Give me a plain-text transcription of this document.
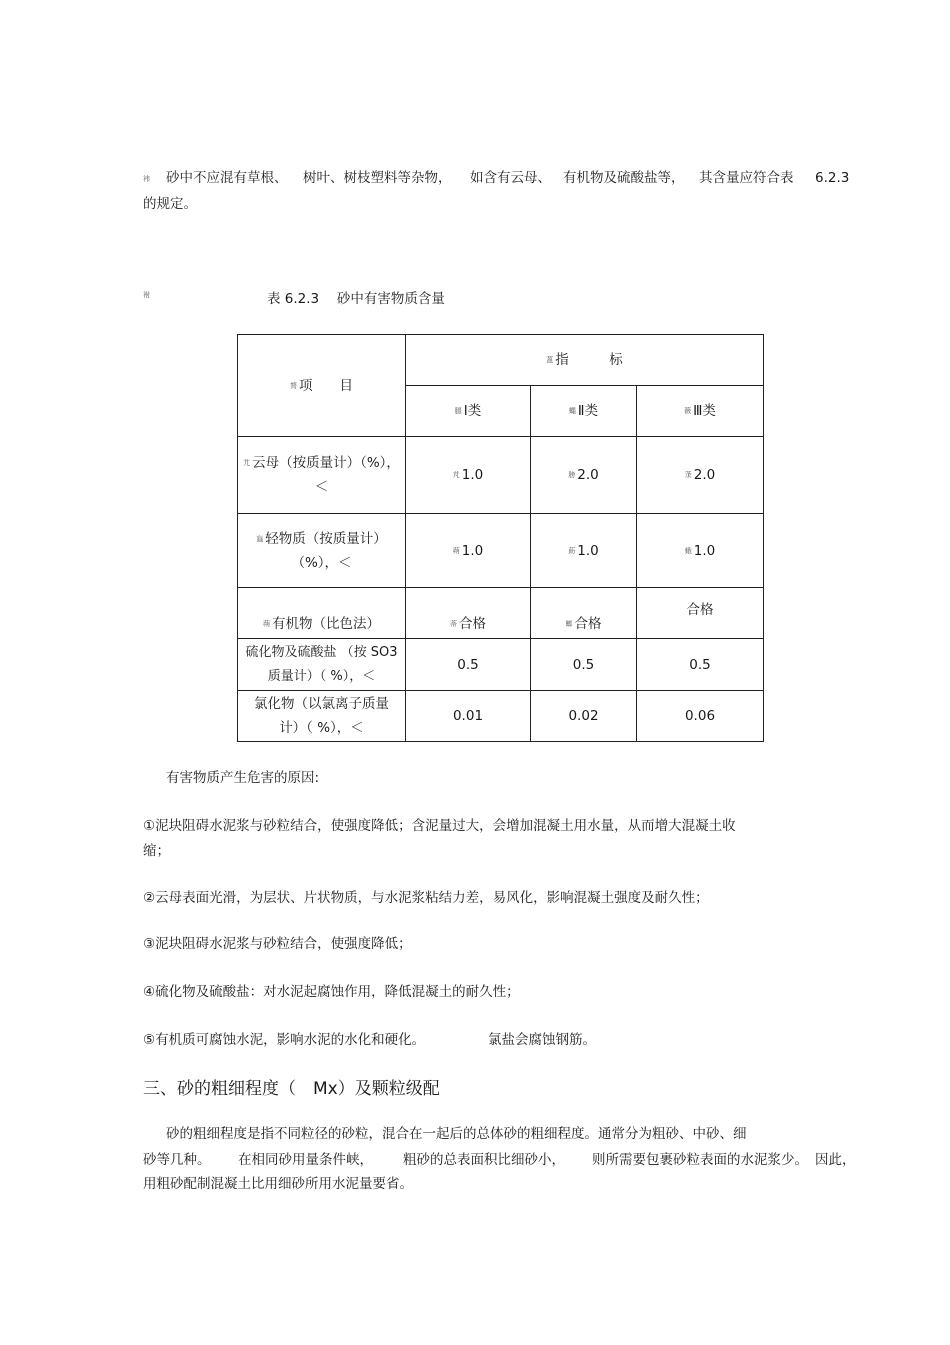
袆 砂中不应混有草根、 树叶、树枝塑料等杂物， 如含有云母、 有机物及硫酸盐等， 其含量应符合表 6.2.3
的规定。
袝	表 6.2.3　 砂中有害物质含量
膂 项　　目	蒕 指　　　标		
	腿 Ⅰ类	蠅 Ⅱ类	薇 Ⅲ类
芁 云母（按质量计）（%），
＜	芃 1.0	膀 2.0	莍 2.0
蝱 轻物质（按质量计）
（%），＜	蒴 1.0	莇 1.0	蛾 1.0
蒴 有机物（比色法）	蒂 合格	螂 合格	合格
硫化物及硫酸盐 （按 SO3
质量计）（ %），＜	0.5	0.5	0.5
氯化物（以氯离子质量
计）（ %），＜	0.01	0.02	0.06
有害物质产生危害的原因:
①泥块阻碍水泥浆与砂粒结合，使强度降低；含泥量过大，会增加混凝土用水量，从而增大混凝土收
缩；
②云母表面光滑，为层状、片状物质，与水泥浆粘结力差，易风化，影响混凝土强度及耐久性；
③泥块阻碍水泥浆与砂粒结合，使强度降低；
④硫化物及硫酸盐：对水泥起腐蚀作用，降低混凝土的耐久性；
⑤有机质可腐蚀水泥，影响水泥的水化和硬化。	氯盐会腐蚀钢筋。
三、砂的粗细程度（　Mx）及颗粒级配
砂的粗细程度是指不同粒径的砂粒，混合在一起后的总体砂的粗细程度。通常分为粗砂、中砂、细
砂等几种。 在相同砂用量条件峡， 粗砂的总表面积比细砂小， 则所需要包裹砂粒表面的水泥浆少。 因此，
用粗砂配制混凝土比用细砂所用水泥量要省。
